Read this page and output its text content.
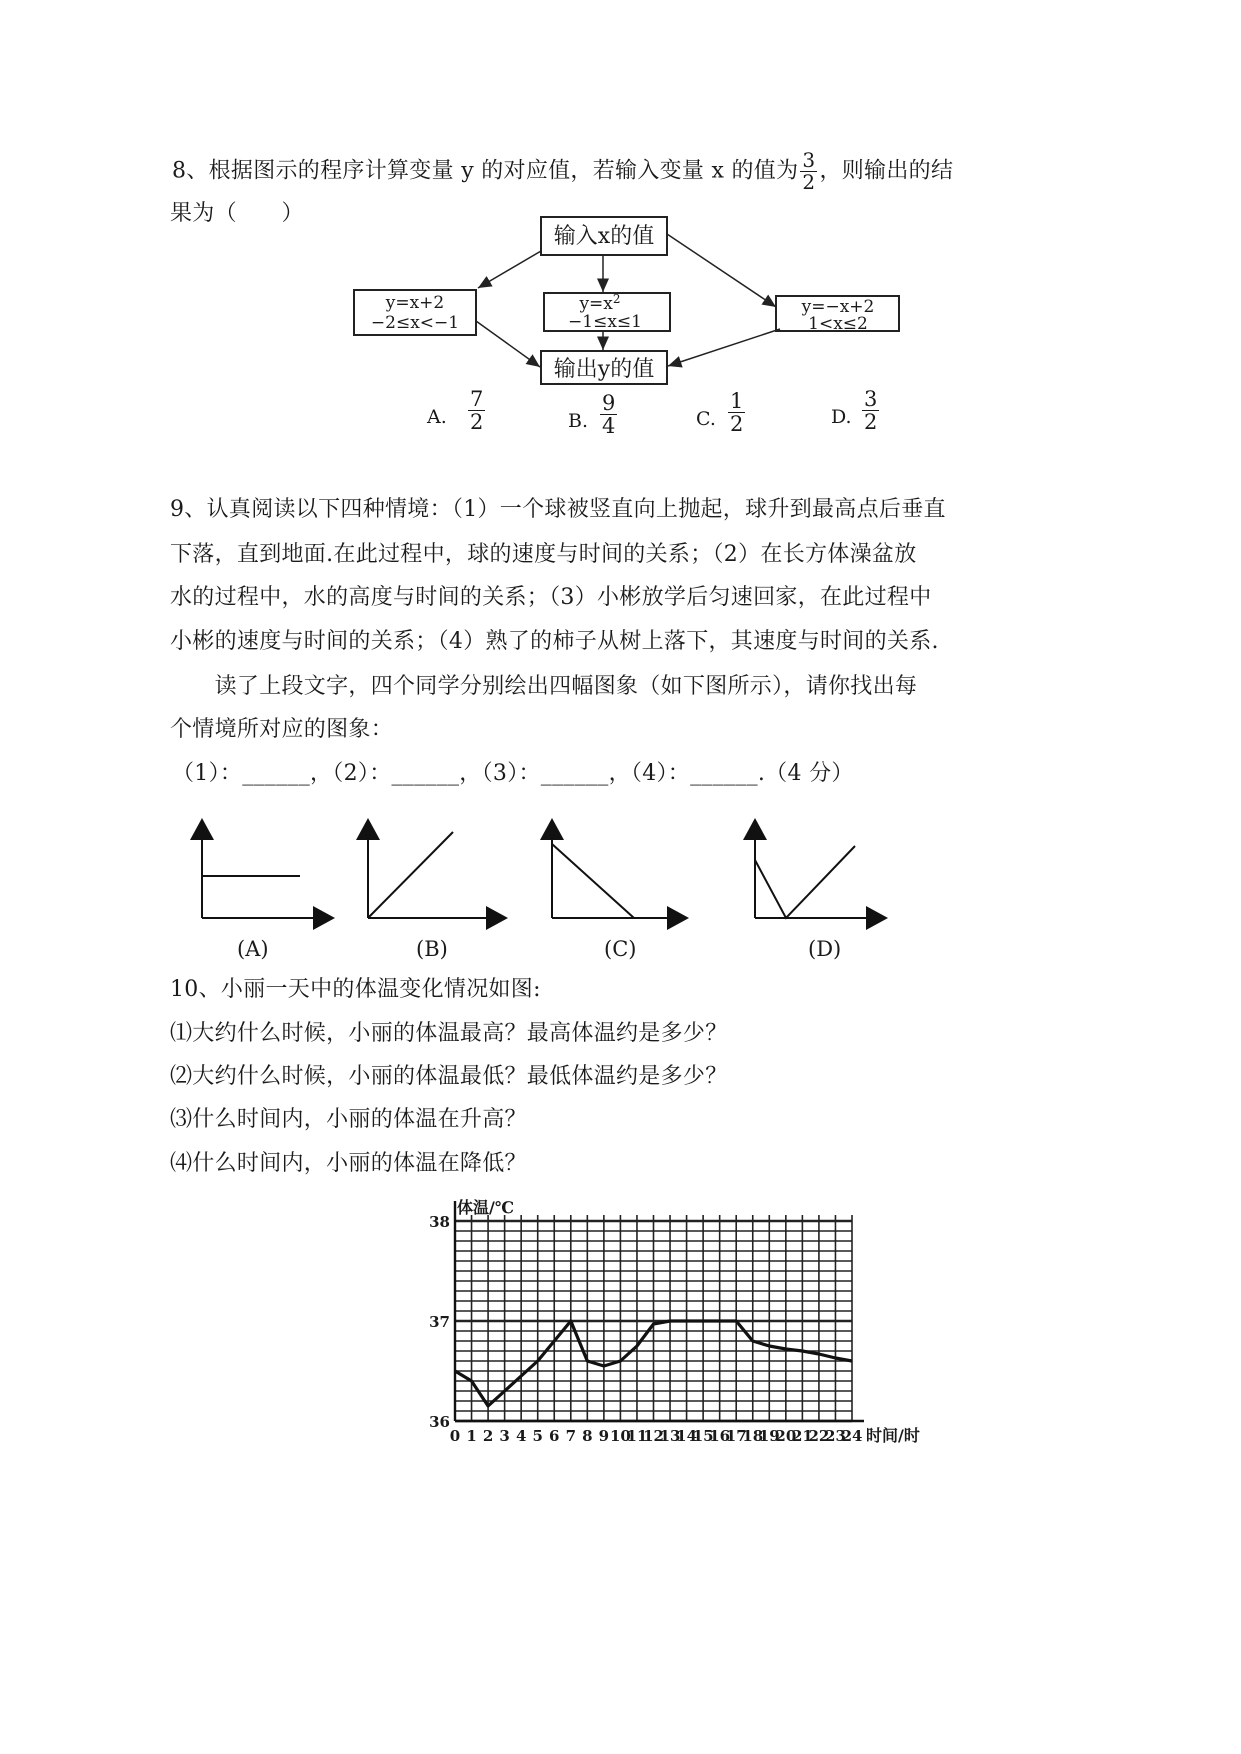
8、根据图示的程序计算变量 y 的对应值，若输入变量 x 的值为 $\frac{3}{2}$ ，则输出的结
果为（　　）
输入x的值
y=x+2
−2≤x<−1
$y=x^2$
−1≤x≤1
y=−x+2
1<x≤2
输出y的值
A. $\frac{7}{2}$	B. $\frac{9}{4}$	C. $\frac{1}{2}$	D. $\frac{3}{2}$
9、认真阅读以下四种情境：（1）一个球被竖直向上抛起，球升到最高点后垂直
下落，直到地面.在此过程中，球的速度与时间的关系；（2）在长方体澡盆放
水的过程中，水的高度与时间的关系；（3）小彬放学后匀速回家，在此过程中
小彬的速度与时间的关系；（4）熟了的柿子从树上落下，其速度与时间的关系.
　　读了上段文字，四个同学分别绘出四幅图象（如下图所示），请你找出每
个情境所对应的图象：
（1）：______，（2）：______，（3）：______，（4）：______.（4 分）
(A)	(B)	(C)	(D)
10、小丽一天中的体温变化情况如图:
⑴大约什么时候，小丽的体温最高？最高体温约是多少？
⑵大约什么时候，小丽的体温最低？最低体温约是多少？
⑶什么时间内，小丽的体温在升高？
⑷什么时间内，小丽的体温在降低？
0 1 2 3 4 5 6 7 8 9 10
11
12
13
14
15
16
17
18
19
20
21
22
23
24
36
37
38
体温/℃
时间/时
